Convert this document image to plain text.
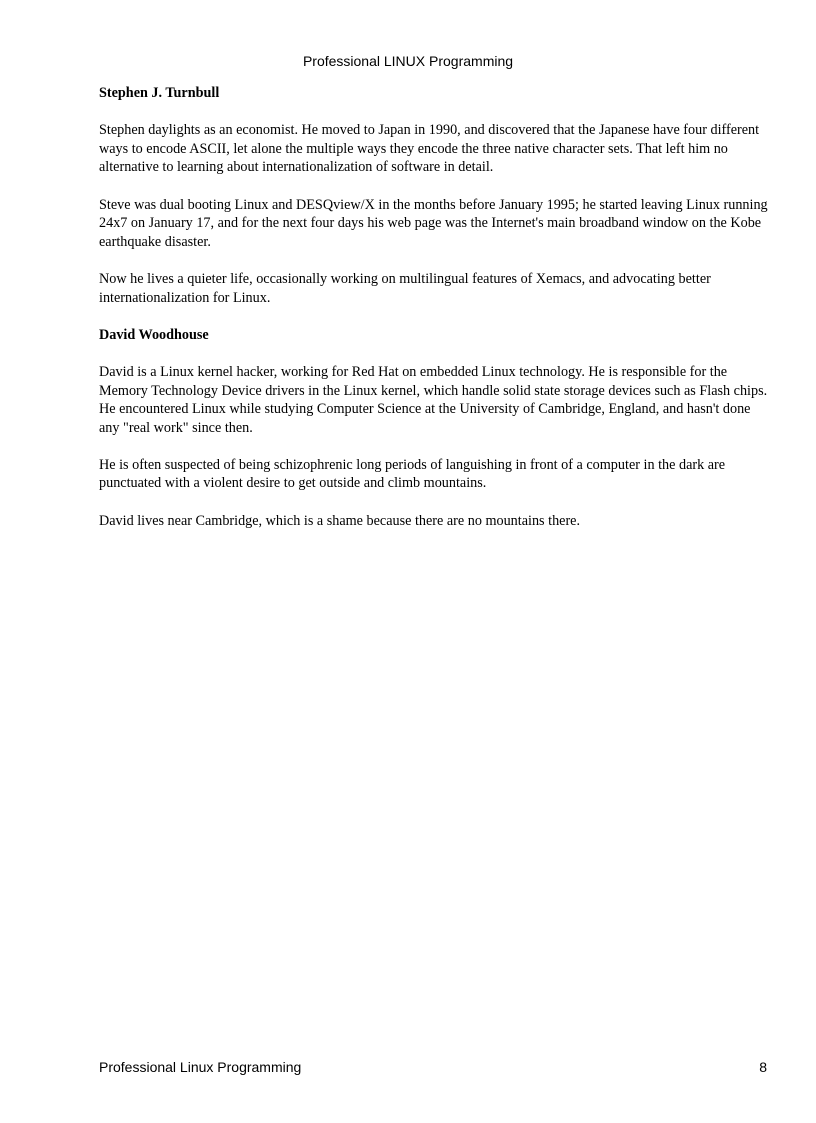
Professional LINUX Programming
Stephen J. Turnbull

Stephen daylights as an economist. He moved to Japan in 1990, and discovered that the Japanese have four different ways to encode ASCII, let alone the multiple ways they encode the three native character sets. That left him no alternative to learning about internationalization of software in detail.

Steve was dual booting Linux and DESQview/X in the months before January 1995; he started leaving Linux running 24x7 on January 17, and for the next four days his web page was the Internet's main broadband window on the Kobe earthquake disaster.

Now he lives a quieter life, occasionally working on multilingual features of Xemacs, and advocating better internationalization for Linux.

David Woodhouse

David is a Linux kernel hacker, working for Red Hat on embedded Linux technology. He is responsible for the Memory Technology Device drivers in the Linux kernel, which handle solid state storage devices such as Flash chips. He encountered Linux while studying Computer Science at the University of Cambridge, England, and hasn't done any "real work" since then.

He is often suspected of being schizophrenic long periods of languishing in front of a computer in the dark are punctuated with a violent desire to get outside and climb mountains.

David lives near Cambridge, which is a shame because there are no mountains there.

Professional Linux Programming	8
